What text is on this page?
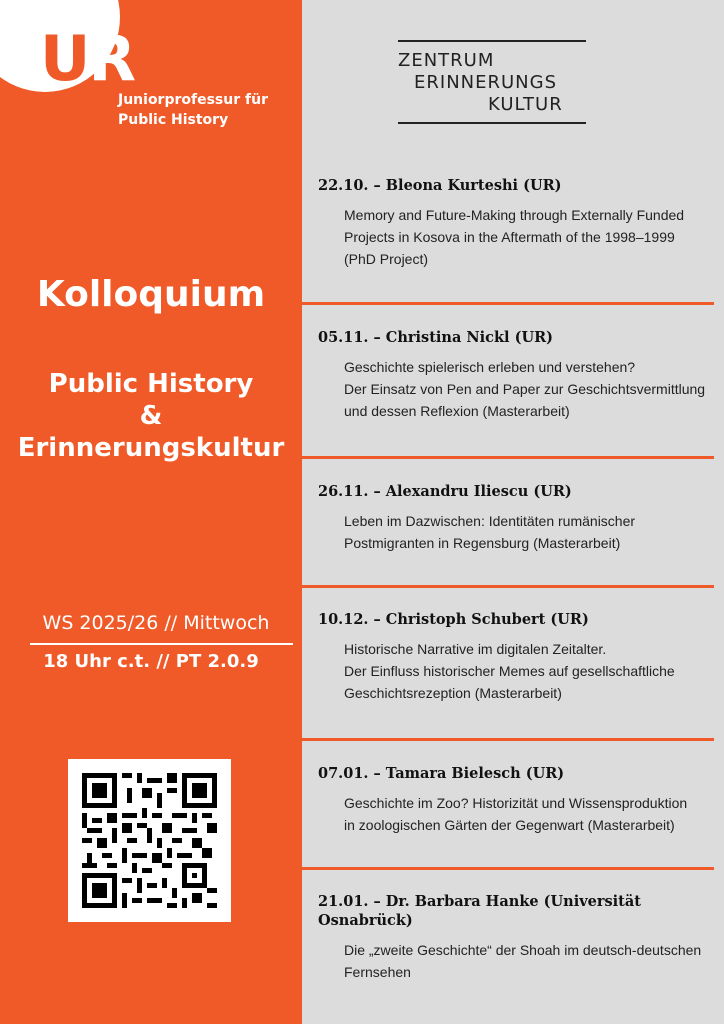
UR
Juniorprofessur für
Public History
Kolloquium
Public History
&
Erinnerungskultur
WS 2025/26 // Mittwoch
18 Uhr c.t. // PT 2.0.9
ZENTRUM
ERINNERUNGS
KULTUR
22.10. – Bleona Kurteshi (UR)
Memory and Future-Making through Externally Funded
Projects in Kosova in the Aftermath of the 1998–1999
(PhD Project)
05.11. – Christina Nickl (UR)
Geschichte spielerisch erleben und verstehen?
Der Einsatz von Pen and Paper zur Geschichtsvermittlung
und dessen Reflexion (Masterarbeit)
26.11. – Alexandru Iliescu (UR)
Leben im Dazwischen: Identitäten rumänischer
Postmigranten in Regensburg (Masterarbeit)
10.12. – Christoph Schubert (UR)
Historische Narrative im digitalen Zeitalter.
Der Einfluss historischer Memes auf gesellschaftliche
Geschichtsrezeption (Masterarbeit)
07.01. – Tamara Bielesch (UR)
Geschichte im Zoo? Historizität und Wissensproduktion
in zoologischen Gärten der Gegenwart (Masterarbeit)
21.01. – Dr. Barbara Hanke (Universität Osnabrück)
Die „zweite Geschichte“ der Shoah im deutsch-deutschen
Fernsehen
